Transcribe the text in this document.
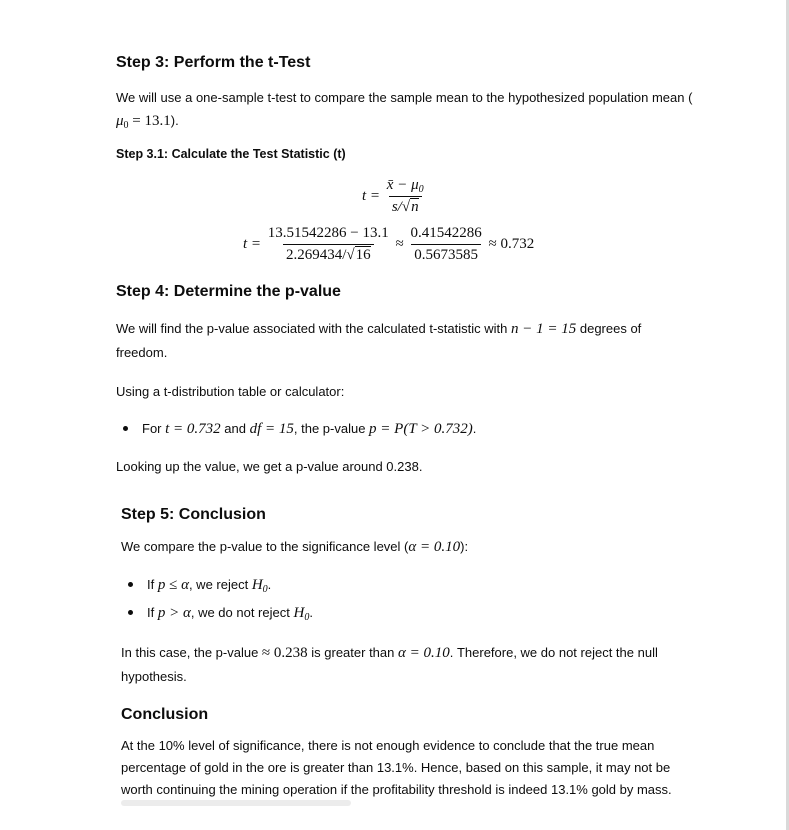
Step 3: Perform the t-Test

We will use a one-sample t-test to compare the sample mean to the hypothesized population mean (
$\mu_0 = 13.1$).

Step 3.1: Calculate the Test Statistic (t)
$t = \frac{x̄ - \mu_0}{s/√n}$
$t = \frac{13.51542286 - 13.1}{2.269434/√16} \approx \frac{0.41542286}{0.5673585} \approx 0.732$
Step 4: Determine the p-value

We will find the p-value associated with the calculated t-statistic with n − 1 = 15 degrees of
freedom.

Using a t-distribution table or calculator:

For t = 0.732 and df = 15, the p-value p = P(T > 0.732).

Looking up the value, we get a p-value around 0.238.

Step 5: Conclusion

We compare the p-value to the significance level (α = 0.10):

If p ≤ α, we reject $H_0$.
If p > α, we do not reject $H_0$.

In this case, the p-value ≈ 0.238 is greater than α = 0.10. Therefore, we do not reject the null
hypothesis.

Conclusion

At the 10% level of significance, there is not enough evidence to conclude that the true mean
percentage of gold in the ore is greater than 13.1%. Hence, based on this sample, it may not be
worth continuing the mining operation if the profitability threshold is indeed 13.1% gold by mass.
